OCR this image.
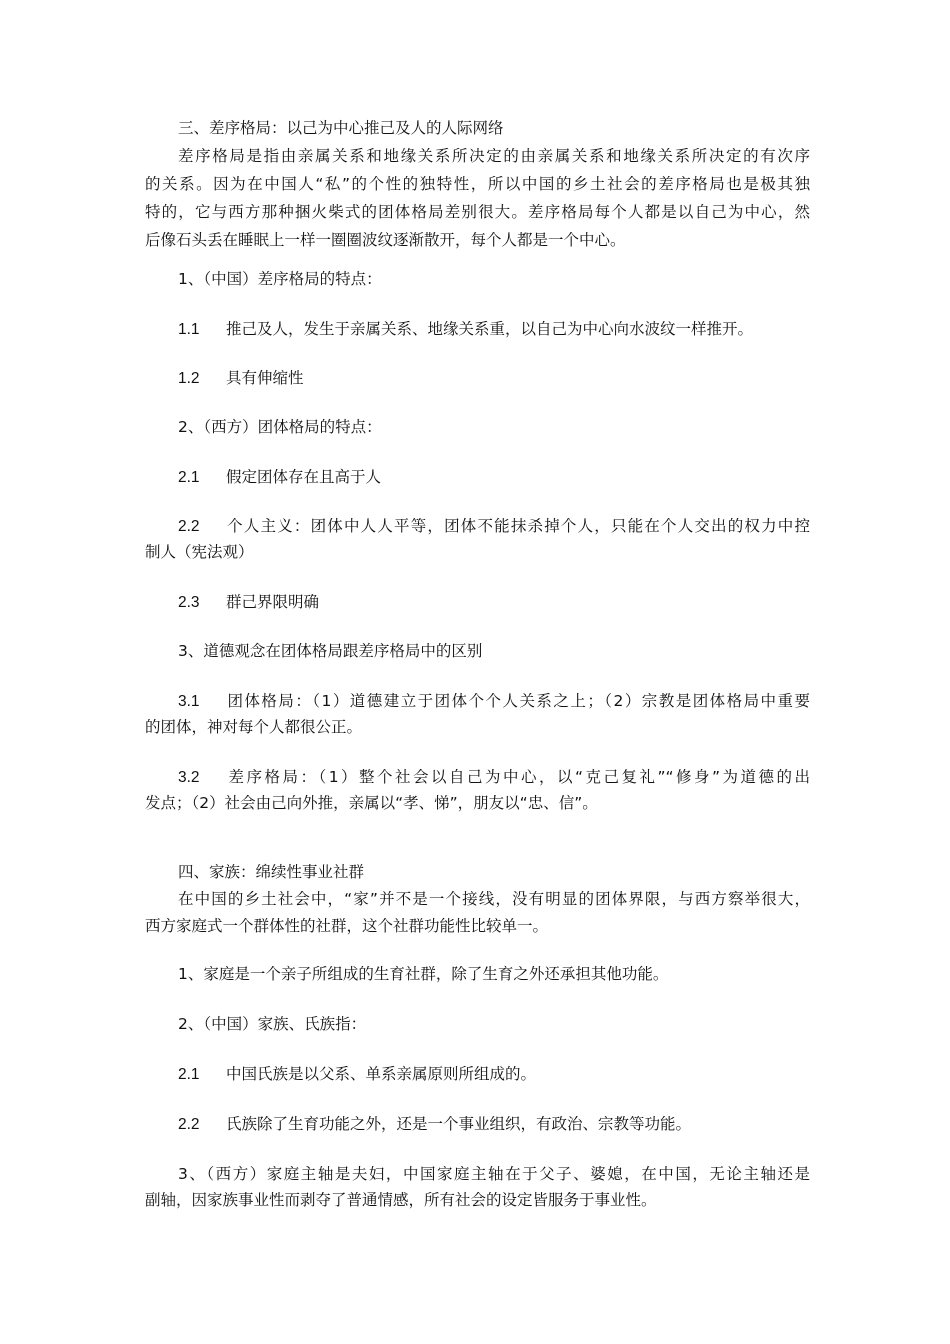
三、差序格局：以己为中心推己及人的人际网络

差序格局是指由亲属关系和地缘关系所决定的由亲属关系和地缘关系所决定的有次序

的关系。因为在中国人“私”的个性的独特性，所以中国的乡土社会的差序格局也是极其独

特的，它与西方那种捆火柴式的团体格局差别很大。差序格局每个人都是以自己为中心，然

后像石头丢在睡眠上一样一圈圈波纹逐渐散开，每个人都是一个中心。

1、（中国）差序格局的特点：

1.1 推己及人，发生于亲属关系、地缘关系重，以自己为中心向水波纹一样推开。

1.2 具有伸缩性

2、（西方）团体格局的特点：

2.1 假定团体存在且高于人

2.2 个人主义：团体中人人平等，团体不能抹杀掉个人，只能在个人交出的权力中控

制人（宪法观）

2.3 群己界限明确

3、道德观念在团体格局跟差序格局中的区别

3.1 团体格局：（1）道德建立于团体个个人关系之上；（2）宗教是团体格局中重要

的团体，神对每个人都很公正。

3.2 差序格局：（1）整个社会以自己为中心，以“克己复礼”“修身”为道德的出

发点；（2）社会由己向外推，亲属以“孝、悌”，朋友以“忠、信”。

四、家族：绵续性事业社群

在中国的乡土社会中，“家”并不是一个接线，没有明显的团体界限，与西方察举很大，

西方家庭式一个群体性的社群，这个社群功能性比较单一。

1、家庭是一个亲子所组成的生育社群，除了生育之外还承担其他功能。

2、（中国）家族、氏族指：

2.1 中国氏族是以父系、单系亲属原则所组成的。

2.2 氏族除了生育功能之外，还是一个事业组织，有政治、宗教等功能。

3、（西方）家庭主轴是夫妇，中国家庭主轴在于父子、婆媳，在中国，无论主轴还是

副轴，因家族事业性而剥夺了普通情感，所有社会的设定皆服务于事业性。
